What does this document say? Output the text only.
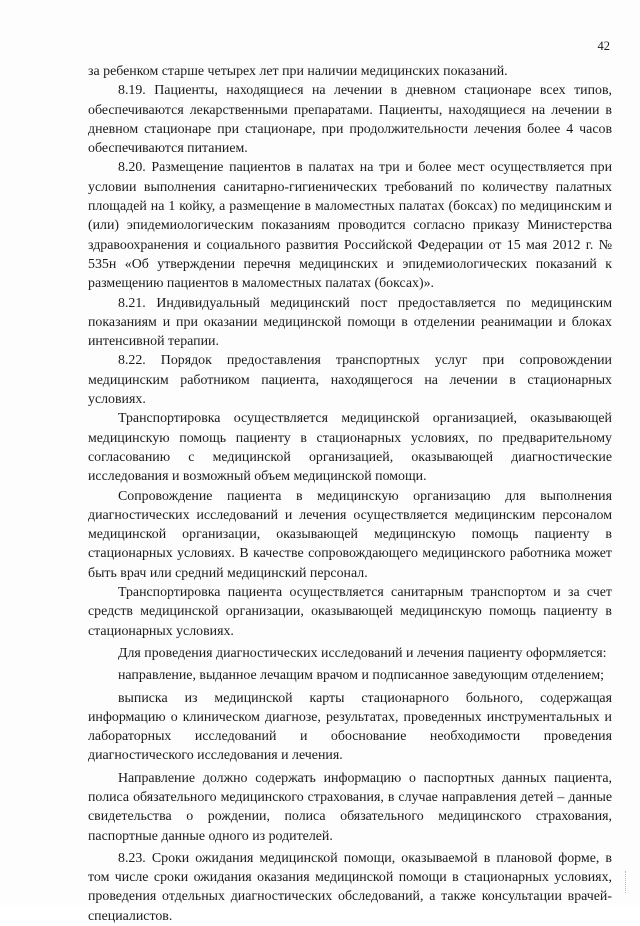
42

за ребенком старше четырех лет при наличии медицинских показаний.

8.19. Пациенты, находящиеся на лечении в дневном стационаре всех типов, обеспечиваются лекарственными препаратами. Пациенты, находящиеся на лечении в дневном стационаре при стационаре, при продолжительности лечения более 4 часов обеспечиваются питанием.

8.20. Размещение пациентов в палатах на три и более мест осуществляется при условии выполнения санитарно-гигиенических требований по количеству палатных площадей на 1 койку, а размещение в маломестных палатах (боксах) по медицинским и (или) эпидемиологическим показаниям проводится согласно приказу Министерства здравоохранения и социального развития Российской Федерации от 15 мая 2012 г. № 535н «Об утверждении перечня медицинских и эпидемиологических показаний к размещению пациентов в маломестных палатах (боксах)».

8.21. Индивидуальный медицинский пост предоставляется по медицинским показаниям и при оказании медицинской помощи в отделении реанимации и блоках интенсивной терапии.

8.22. Порядок предоставления транспортных услуг при сопровождении медицинским работником пациента, находящегося на лечении в стационарных условиях.

Транспортировка осуществляется медицинской организацией, оказывающей медицинскую помощь пациенту в стационарных условиях, по предварительному согласованию с медицинской организацией, оказывающей диагностические исследования и возможный объем медицинской помощи.

Сопровождение пациента в медицинскую организацию для выполнения диагностических исследований и лечения осуществляется медицинским персоналом медицинской организации, оказывающей медицинскую помощь пациенту в стационарных условиях. В качестве сопровождающего медицинского работника может быть врач или средний медицинский персонал.

Транспортировка пациента осуществляется санитарным транспортом и за счет средств медицинской организации, оказывающей медицинскую помощь пациенту в стационарных условиях.

Для проведения диагностических исследований и лечения пациенту оформляется:

направление, выданное лечащим врачом и подписанное заведующим отделением;

выписка из медицинской карты стационарного больного, содержащая информацию о клиническом диагнозе, результатах, проведенных инструментальных и лабораторных исследований и обоснование необходимости проведения диагностического исследования и лечения.

Направление должно содержать информацию о паспортных данных пациента, полиса обязательного медицинского страхования, в случае направления детей – данные свидетельства о рождении, полиса обязательного медицинского страхования, паспортные данные одного из родителей.

8.23. Сроки ожидания медицинской помощи, оказываемой в плановой форме, в том числе сроки ожидания оказания медицинской помощи в стационарных условиях, проведения отдельных диагностических обследований, а также консультации врачей-специалистов.
